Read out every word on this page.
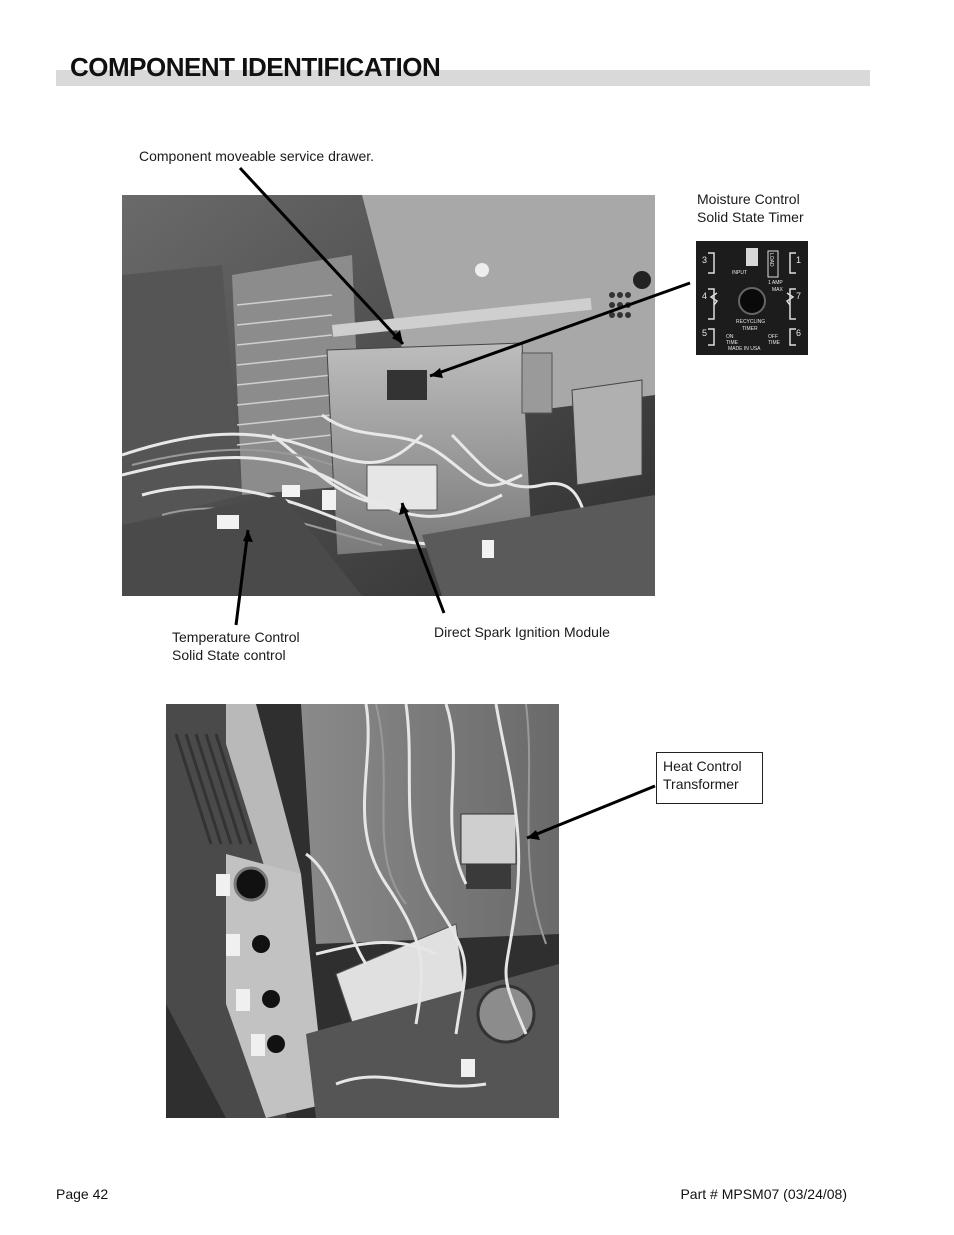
COMPONENT IDENTIFICATION
Component moveable service drawer.
Moisture Control
Solid State Timer
Temperature Control
Solid State control
Direct Spark Ignition Module
Heat Control
Transformer
3
4
5
1
7
6
INPUT
LOAD
1 AMP
MAX
RECYCLING
TIMER
ON TIME
OFF TIME
MADE IN USA
Page 42	Part # MPSM07 (03/24/08)
